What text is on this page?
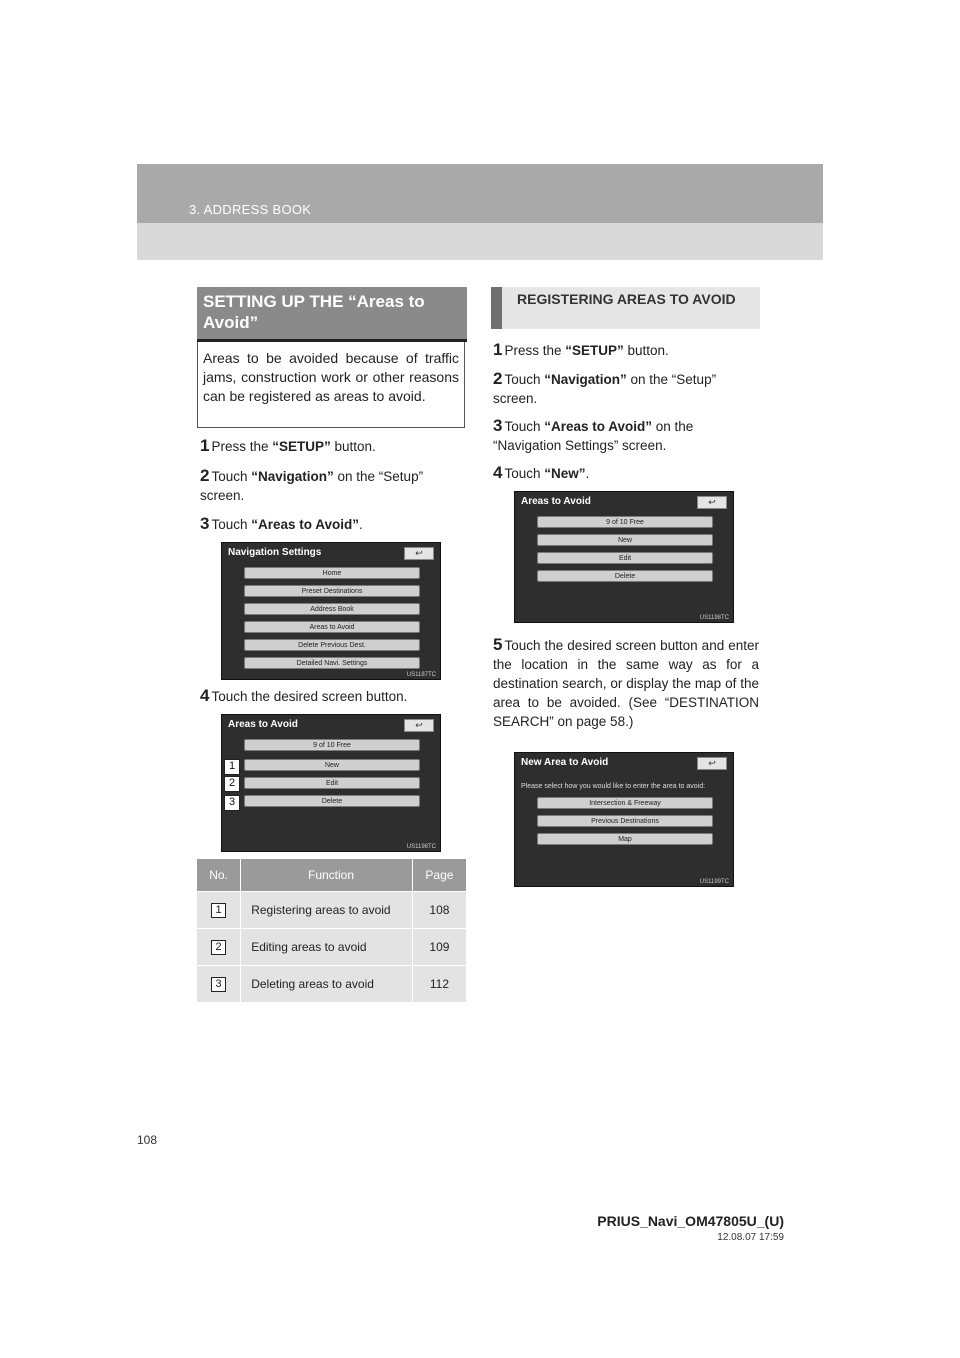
3. ADDRESS BOOK
SETTING UP THE “Areas to Avoid”
Areas to be avoided because of traffic jams, construction work or other reasons can be registered as areas to avoid.
1 Press the “SETUP” button.
2 Touch “Navigation” on the “Setup” screen.
3 Touch “Areas to Avoid”.
Navigation Settings	↩
Home
Preset Destinations
Address Book
Areas to Avoid
Delete Previous Dest.
Detailed Navi. Settings
US1187TC
4 Touch the desired screen button.
Areas to Avoid	↩
9 of 10 Free
New
Edit
Delete
US1198TC
1
2
3
No.	Function	Page
1	Registering areas to avoid	108
2	Editing areas to avoid	109
3	Deleting areas to avoid	112
REGISTERING AREAS TO AVOID
1 Press the “SETUP” button.
2 Touch “Navigation” on the “Setup” screen.
3 Touch “Areas to Avoid” on the “Navigation Settings” screen.
4 Touch “New”.
Areas to Avoid	↩
9 of 10 Free
New
Edit
Delete
US1198TC
5 Touch the desired screen button and enter the location in the same way as for a destination search, or display the map of the area to be avoided. (See “DESTINATION SEARCH” on page 58.)
New Area to Avoid	↩
Please select how you would like to enter the area to avoid:
Intersection & Freeway
Previous Destinations
Map
US1199TC
108
PRIUS_Navi_OM47805U_(U)
12.08.07 17:59
